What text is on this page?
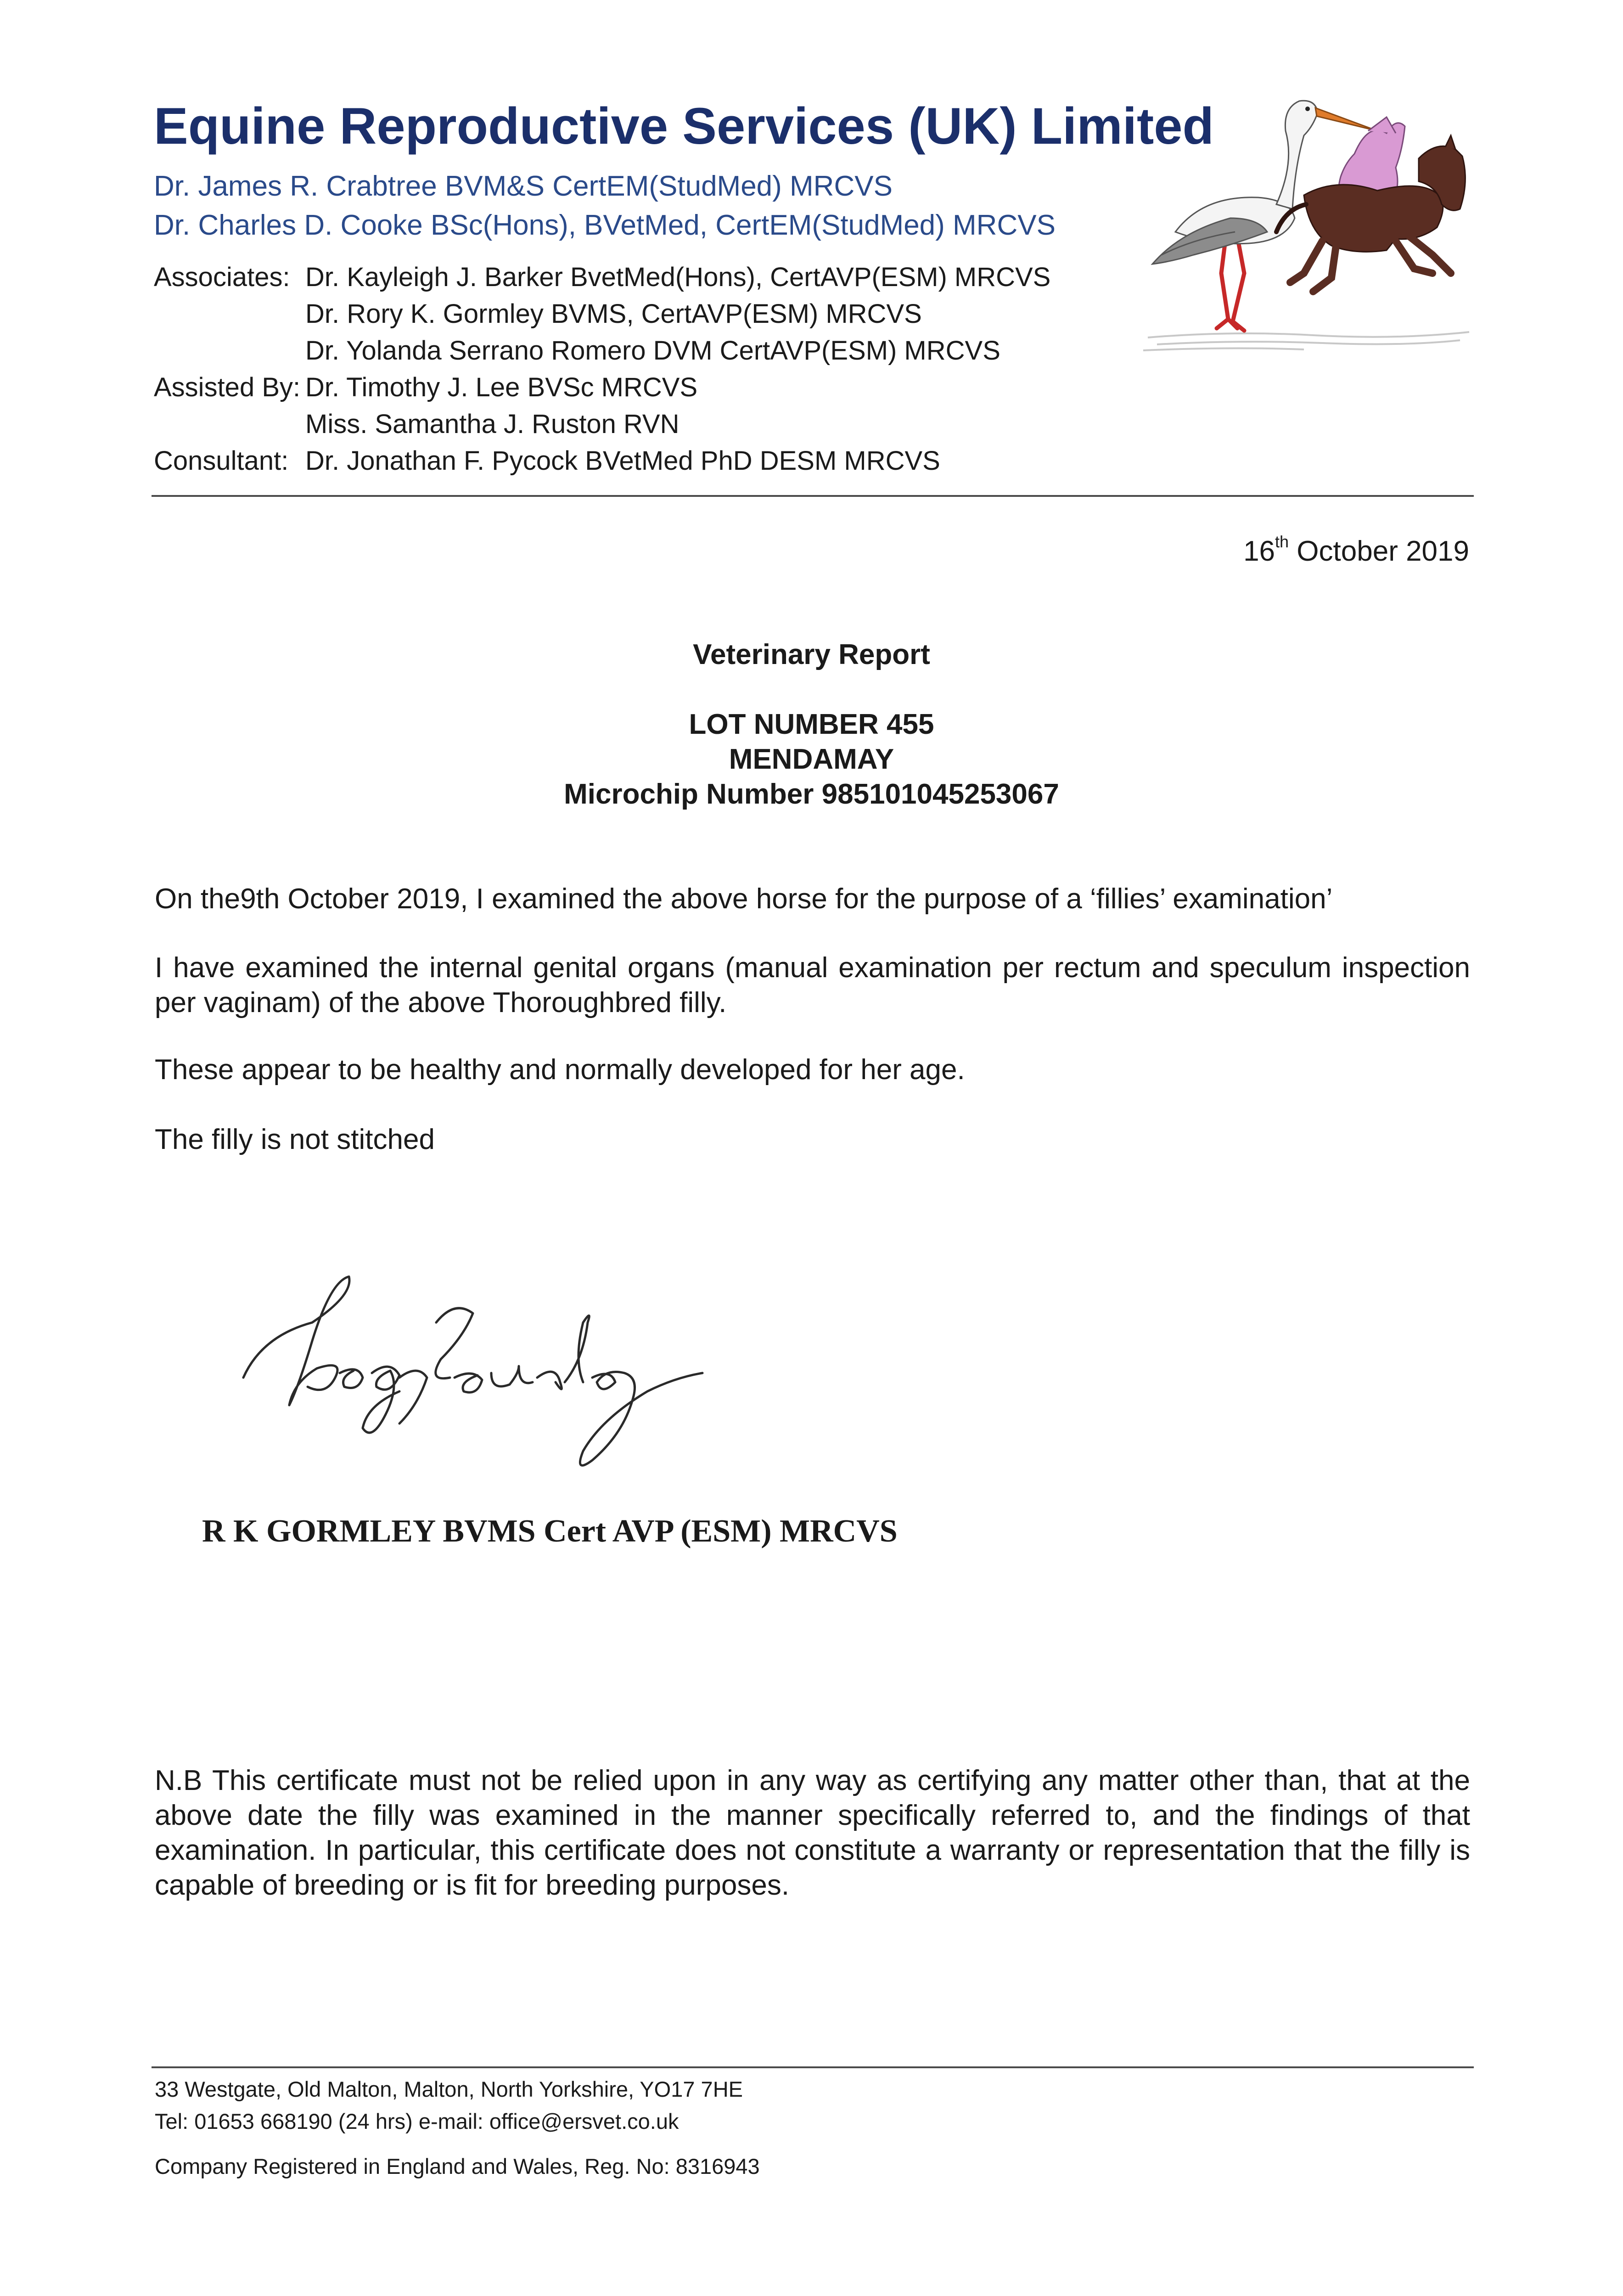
Equine Reproductive Services (UK) Limited
Dr. James R. Crabtree BVM&S CertEM(StudMed) MRCVS
Dr. Charles D. Cooke BSc(Hons), BVetMed, CertEM(StudMed) MRCVS
Associates: Dr. Kayleigh J. Barker BvetMed(Hons), CertAVP(ESM) MRCVS
Dr. Rory K. Gormley BVMS, CertAVP(ESM) MRCVS
Dr. Yolanda Serrano Romero DVM CertAVP(ESM) MRCVS
Assisted By: Dr. Timothy J. Lee BVSc MRCVS
Miss. Samantha J. Ruston RVN
Consultant: Dr. Jonathan F. Pycock BVetMed PhD DESM MRCVS
16th October 2019
Veterinary Report
LOT NUMBER 455
MENDAMAY
Microchip Number 985101045253067
On the9th October 2019, I examined the above horse for the purpose of a ‘fillies’ examination’
I have examined the internal genital organs (manual examination per rectum and speculum inspection per vaginam) of the above Thoroughbred filly.
These appear to be healthy and normally developed for her age.
The filly is not stitched
R K GORMLEY BVMS Cert AVP (ESM) MRCVS
N.B This certificate must not be relied upon in any way as certifying any matter other than, that at the above date the filly was examined in the manner specifically referred to, and the findings of that examination. In particular, this certificate does not constitute a warranty or representation that the filly is capable of breeding or is fit for breeding purposes.
33 Westgate, Old Malton, Malton, North Yorkshire, YO17 7HE
Tel: 01653 668190 (24 hrs) e-mail: office@ersvet.co.uk
Company Registered in England and Wales, Reg. No: 8316943
